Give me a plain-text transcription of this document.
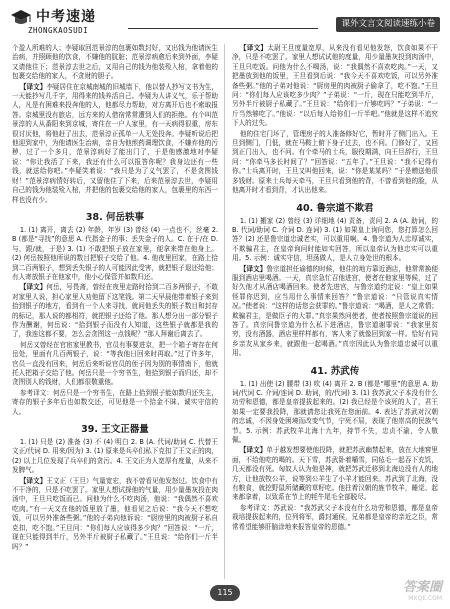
中考速递
ZHONGKAOSUDI
课外文言文阅读速练小卷

个盈人所难的人；李疑取回范景淳的包裹如数封好，又出钱为他请医生治病，并照顾他的饮食，不嫌他的肮脏；范景淳病愈后来到外面，李疑又请他住下；范景淳去世之后，又用自己的钱为他装殓入棺，拿着他的包裹交给他的家人，不贪财的胆子。

【译文】李疑居住在京城南城的旧城墙下，他以替人抄写文书为生，一天能抄写几千字，用得来的钱养活自己。李疑为人讲义气，乐于帮助人，凡是有困难来投奔他的人，他都尽力帮助，对方离开后也不索取报答。京城里没有旅店，远方来的人借宿常常遭到人们的拒绝。有个叫范景淳的人从番阳来到京城，寄住在一户人家里，有一天病得很重，房东很讨厌他，将他赶了出去，范景淳正孤单一人无处投奔。李疑听说后把他迎到家中，为他请医生治病，亲自为他煎药调理饮食，不嫌弃他的污秽，过了一个多月，范景淳病好了能出门了，于是他感激地对李疑说：“你让我活了下来，我还有什么可以报答你呢？我身边还有一些钱，就送给你吧。”李疑笑着说：“我只是为了义气罢了，不是贪图钱财！”范景淳病情好转后，又留他住了下来，后来范景淳去世，李疑用自己的钱为他装殓入棺，并把他的包裹交给他的家人，包裹里的东西一样也没有少。

38. 何岳轶事

1. (1) 离开，离去 (2) 年龄，年岁 (3) 曾经 (4) 一点也不，丝毫 2. B (都是“寻找”的意思 A. 代指金子的事；丢失金子的人。C. 在于/在 D. 与，跟/就，于是) 3. (1) 不敢把银子放在家里，便拿来带在他身上。(2) 何岳按照他所说的数目把银子交给了他。4. 他夜里回家，在路上拾到二百两银子，想到丢失银子的人可能因此受害，就把银子退还给他；有人寄放银子在他家中，他小心保管并如数归还。

【译文】何岳，号畏斋，曾经在夜里走路时拾到二百多两银子，不敢对家里人说，担心家里人劝他留下这笔钱。第二天早晨他带着银子来到拾到银子的地方，看到有一个人来寻找，就问他丢失的银子数目和封存的标记，那人说的都相符，就把银子还给了他。那人想分出一部分银子作为酬谢，何岳说：“拾到银子而没有人知道，这些银子就都是我的了，我连这都不要，怎么会贪图这一点钱呢？”那人拜谢后离去了。

何岳又曾经在官宦家里教书，官员有事要进京，把一个箱子寄存在何岳处，里面有几百两银子，说：“等我他日回来时再取。”过了许多年，官员一直没有回来，何岳后来听说官员的侄子因为别的事情南下，他就托人把箱子交给了他。何岳只是一个穷书生，他拾到银子而归还，却不贪图别人的钱财，人们都很敬重他。

参考译文：何岳只是一个穷书生，在路上拾到银子能如数归还失主，寄存的银子多年后也如数交还，可见他是一个拾金不昧、诚实守信的人。

39. 王文正器量

1. (1) 只是 (2) 准备 (3) 不 (4) 明白 2. B (A. 代词/助词 C. 代替王文正/代词 D. 用来/因为) 3. (1) 原来是兵卒们私下克扣了王文正的肉，(2) 以上几位发现了兵卒们的贪污。4. 王文正为人宽厚有度量，从来不发脾气。

【译文】王文正（王旦）气量宽宏，我不曾看见他发怒过。饮食中有不干净的，只是不吃罢了。家里人想试探他的气量，用少量墨灰投在肉汤中，王旦只吃饭而已。问他为什么不吃肉汤，他说：“我偶然不喜欢吃肉。”有一天又在他的饭里放了墨，他看见之后说：“我今天不想吃饭，可以另外准备些粥。”他的子弟向他诉说：“厨房里的肉被厨子私自克扣，吃不饱。”王旦问：“你们每人应该得多少肉？”回答说：“一斤，现在只能得到半斤，另外半斤被厨子私藏了。”王旦说：“给你们一斤半吗？”

【译文】太尉王旦度量宽厚，从来没有看见他发怒，饮食如果不干净，只是不吃罢了。家里人想试试他的度量，用少量墨灰投到肉汤中，王旦只吃饭。问他为什么不喝汤，说：“我偶然不喜欢吃肉。”一天，又把墨放到他的饭里，王旦看到后说：“我今天不喜欢吃饭，可以另外准备些粥。”他的子弟对他说：“厨房里的肉被厨子偷拿了，吃不饱。”王旦问：“你们每人应该吃多少肉？”子弟说：“一斤，现在只能吃到半斤，另外半斤被厨子私藏了。”王旦说：“给你们一斤够吃吗？”子弟说：“一斤当然够吃了。”他说：“以后每人给你们一斤半吧。”他就是这样不追究下人的过失。

他的住宅门坏了，管理房子的人准备修好它，暂时开了侧门出入。王旦到侧门，门低，就在马鞍上俯下身子过去，也不问。门修好了，又回到正门出入，也不问。有个牵马的士兵，服役期满，向王旦辞行，王旦问：“你牵马多长时间了？”回答说：“五年了。”王旦说：“我不记得有你。”士兵离开时，王旦又叫他回来，说：“你是某某吗？”于是赠送他很多钱财。原来士兵每天牵马，王旦只看到他的背，不曾看到他的脸，从他离开时才看到背，才认出他来。

40. 鲁宗道不欺君

1. (1) 搬家 (2) 曾经 (3) 详细地 (4) 责备，责问 2. A (A. 助词，的 B. 代词/助词 C. 介词 D. 连词) 3. (1) 如果皇上询问您，您打算怎么回答？(2) 还是鲁宗道忠诚老实，可以重用啊。4. 鲁宗道为人忠厚诚实，不欺骗君主，在皇帝询问时能如实回答，所以皇帝认为他忠实可以重用。5. 示例：诚实守信，坦荡做人，是人立身处世的根本。

【译文】鲁宗道担任谕德的时候，他住的地方靠近酒店，他常常换便服到酒店里喝酒。一天，真宗急忙召他进宫，使者在他家里等候，过了好久他才从酒店喝酒回来。使者先进宫，与鲁宗道约定说：“皇上如果怪罪你迟到，应当用什么事情来回答？”鲁宗道说：“只管说真实情况。”使者说：“这样的话您会获罪的。”鲁宗道说：“喝酒，是人之常情；欺骗君主，是做臣子的大罪。”真宗果然问使者，使者按照鲁宗道说的回答了。真宗问鲁宗道为什么私下进酒店，鲁宗道谢罪说：“我家里贫穷，没有酒器，酒店里样样都有，客人来了就像回到家一样。恰好有同乡亲友从家乡来，就跟他一起喝酒。”真宗因此认为鲁宗道忠诚可以重用。

41. 苏武传

1. (1) 出使 (2) 腰带 (3) 吹 (4) 离开 2. B (都是“哪里”的意思 A. 助词/代词 C. 介词/连词 D. 助词，的/代词) 3. (1) 我苏武父子本没有什么功劳和恩德，都是皇帝提拔起来的。(2) 我已经是个该死的人了，君王如果一定要我投降，那就请您让我死在您面前。4. 表达了苏武对汉朝的忠诚，不因身处困境而改变气节，宁死不屈，表现了他崇高的民族气节。5. 示例：苏武牧羊北海十九年，持节不失，忠贞不渝，令人敬佩。

【译文】单于越发想要使他投降，就把苏武幽禁起来，放在大地窖里面，不给他吃的喝的。天下雪，苏武卧着嚼雪，同毡毛一起吞下充饥，几天都没有死。匈奴人认为他是神，就把苏武迁移到北海边没有人的地方，让他放牧公羊，说等到公羊生了小羊才能回来。苏武到了北海，没有粮食，就挖野鼠所储藏的草籽吃。他拄着汉朝的旌节牧羊，睡觉、起来都拿着，以致系在节上的牦牛尾毛全部脱尽。

参考译文：苏武说：“我苏武父子本没有什么功劳和恩德，都是皇帝栽培提拔起来的，位列将军，爵封通侯，兄弟都是皇帝的亲近之臣，常常希望能够肝脑涂地来报答皇帝的恩德。”

115	答案圈
MXQE.COM
